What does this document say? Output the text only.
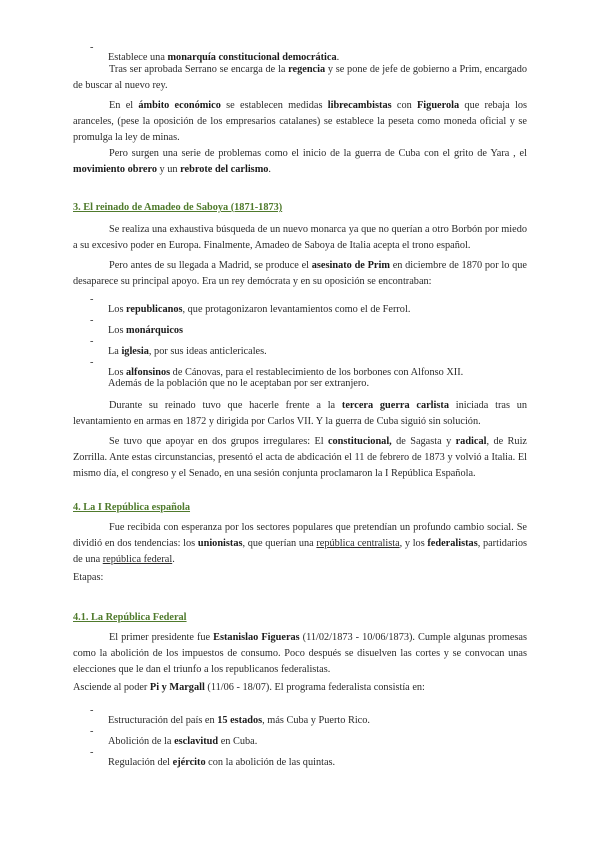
-

Establece una monarquía constitucional democrática.

Tras ser aprobada Serrano se encarga de la regencia y se pone de jefe de gobierno a Prim, encargado de buscar al nuevo rey.

En el ámbito económico se establecen medidas librecambistas con Figuerola que rebaja los aranceles, (pese la oposición de los empresarios catalanes) se establece la peseta como moneda oficial y se promulga la ley de minas.

Pero surgen una serie de problemas como el inicio de la guerra de Cuba con el grito de Yara , el movimiento obrero y un rebrote del carlismo.

3. El reinado de Amadeo de Saboya (1871-1873)

Se realiza una exhaustiva búsqueda de un nuevo monarca ya que no querían a otro Borbón por miedo a su excesivo poder en Europa. Finalmente, Amadeo de Saboya de Italia acepta el trono español.

Pero antes de su llegada a Madrid, se produce el asesinato de Prim en diciembre de 1870 por lo que desaparece su principal apoyo. Era un rey demócrata y en su oposición se encontraban:

-

Los republicanos, que protagonizaron levantamientos como el de Ferrol.

-

Los monárquicos

-

La iglesia, por sus ideas anticlericales.

-

Los alfonsinos de Cánovas, para el restablecimiento de los borbones con Alfonso XII.

Además de la población que no le aceptaban por ser extranjero.

Durante su reinado tuvo que hacerle frente a la tercera guerra carlista iniciada tras un levantamiento en armas en 1872 y dirigida por Carlos VII. Y la guerra de Cuba siguió sin solución.

Se tuvo que apoyar en dos grupos irregulares: El constitucional, de Sagasta y radical, de Ruiz Zorrilla. Ante estas circunstancias, presentó el acta de abdicación el 11 de febrero de 1873 y volvió a Italia. El mismo día, el congreso y el Senado, en una sesión conjunta proclamaron la I República Española.

4. La I República española

Fue recibida con esperanza por los sectores populares que pretendían un profundo cambio social. Se dividió en dos tendencias: los unionistas, que querían una república centralista, y los federalistas, partidarios de una república federal.

Etapas:

4.1. La República Federal

El primer presidente fue Estanislao Figueras (11/02/1873 - 10/06/1873). Cumple algunas promesas como la abolición de los impuestos de consumo. Poco después se disuelven las cortes y se convocan unas elecciones que le dan el triunfo a los republicanos federalistas.

Asciende al poder Pi y Margall (11/06 - 18/07). El programa federalista consistía en:

-

Estructuración del país en 15 estados, más Cuba y Puerto Rico.

-

Abolición de la esclavitud en Cuba.

-

Regulación del ejército con la abolición de las quintas.
